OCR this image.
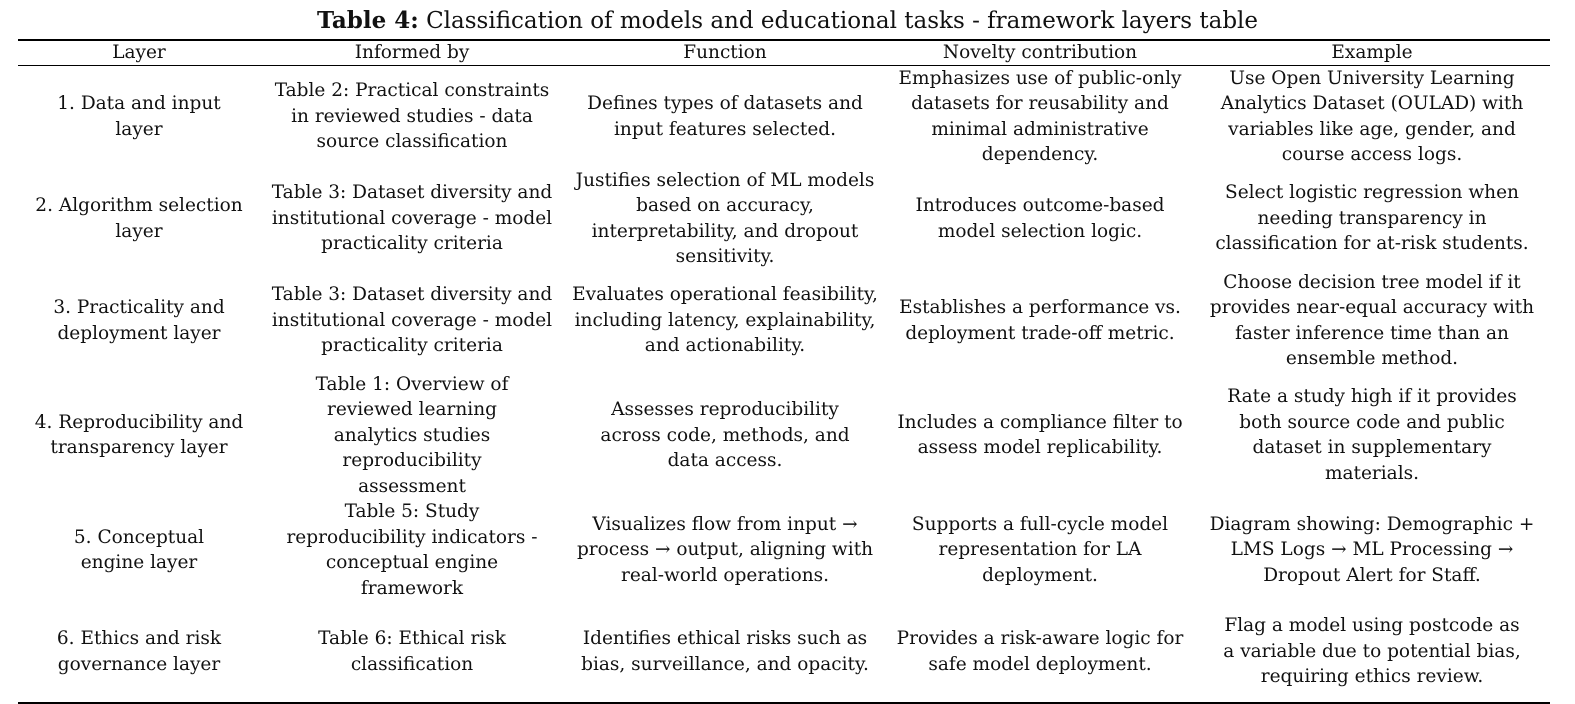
Table 4: Classification of models and educational tasks - framework layers table
Layer	Informed by	Function	Novelty contribution	Example
1. Data and input layer	Table 2: Practical constraints in reviewed studies - data source classification	Defines types of datasets and input features selected.	Emphasizes use of public-only datasets for reusability and minimal administrative dependency.	Use Open University Learning Analytics Dataset (OULAD) with variables like age, gender, and course access logs.
2. Algorithm selection layer	Table 3: Dataset diversity and institutional coverage - model practicality criteria	Justifies selection of ML models based on accuracy, interpretability, and dropout sensitivity.	Introduces outcome-based model selection logic.	Select logistic regression when needing transparency in classification for at-risk students.
3. Practicality and deployment layer	Table 3: Dataset diversity and institutional coverage - model practicality criteria	Evaluates operational feasibility, including latency, explainability, and actionability.	Establishes a performance vs. deployment trade-off metric.	Choose decision tree model if it provides near-equal accuracy with faster inference time than an ensemble method.
4. Reproducibility and transparency layer	Table 1: Overview of reviewed learning analytics studies reproducibility assessment	Assesses reproducibility across code, methods, and data access.	Includes a compliance filter to assess model replicability.	Rate a study high if it provides both source code and public dataset in supplementary materials.
5. Conceptual engine layer	Table 5: Study reproducibility indicators - conceptual engine framework	Visualizes flow from input → process → output, aligning with real-world operations.	Supports a full-cycle model representation for LA deployment.	Diagram showing: Demographic + LMS Logs → ML Processing → Dropout Alert for Staff.
6. Ethics and risk governance layer	Table 6: Ethical risk classification	Identifies ethical risks such as bias, surveillance, and opacity.	Provides a risk-aware logic for safe model deployment.	Flag a model using postcode as a variable due to potential bias, requiring ethics review.
